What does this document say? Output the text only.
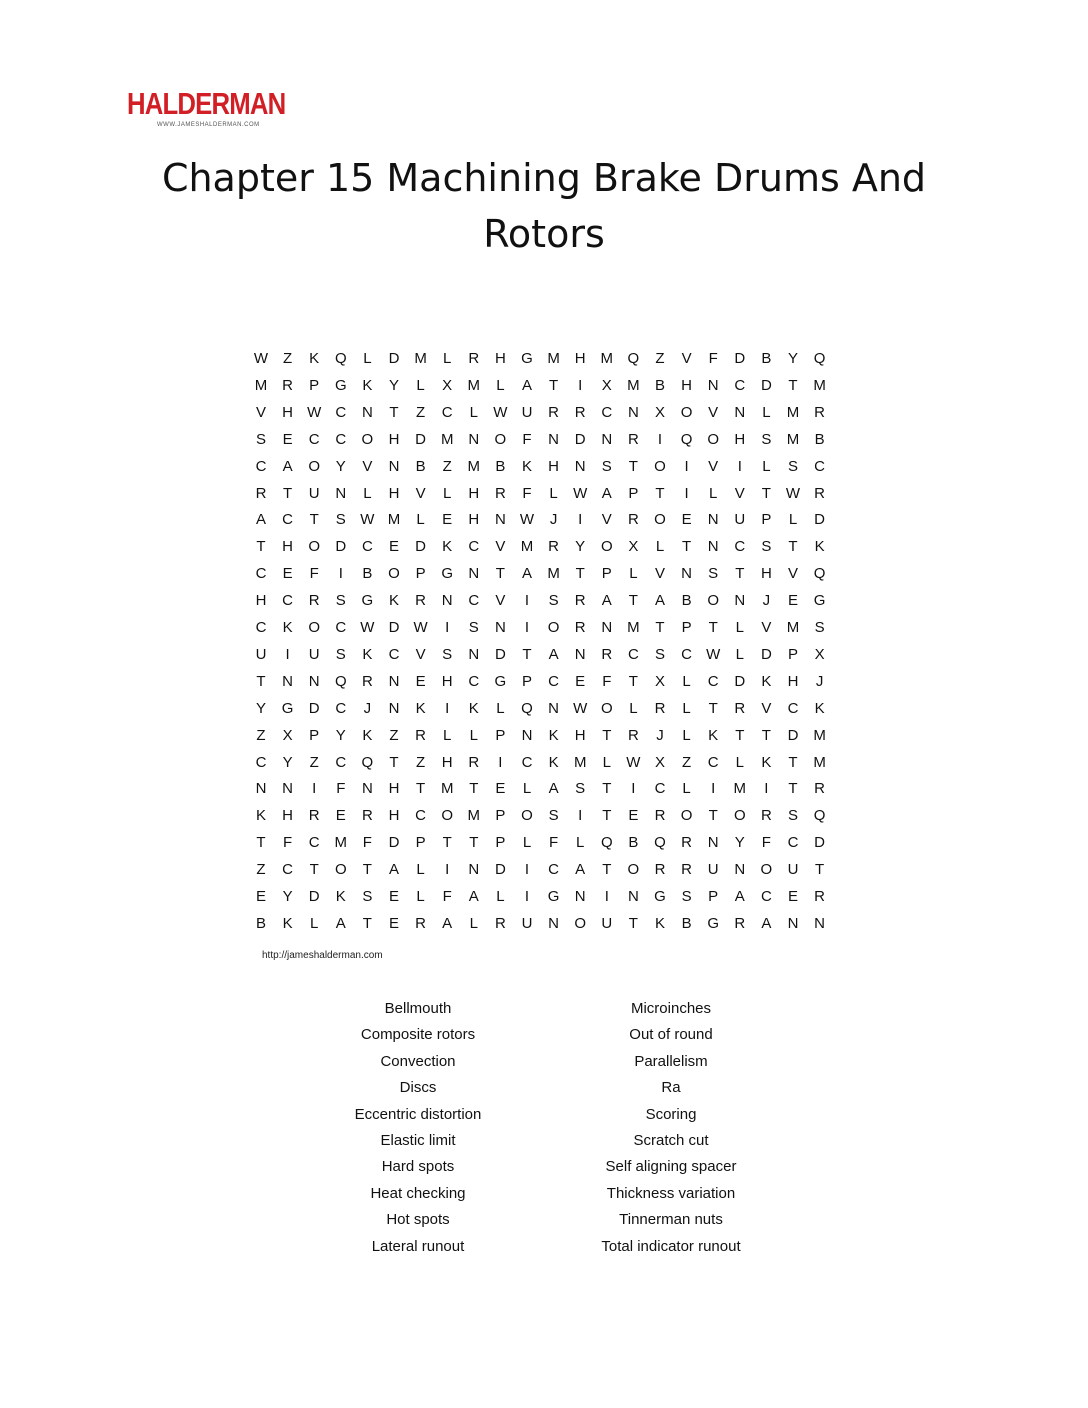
HALDERMAN
WWW.JAMESHALDERMAN.COM
Chapter 15 Machining Brake Drums And Rotors
W Z	K	Q	L	D M	L	R	H	G M H M Q	Z	V	F	D	B	Y	Q
M R	P	G	K	Y	L	X	M	L	A	T	I	X	M	B	H	N	C	D	T	M
V	H W C	N	T	Z	C	L	W U	R	R	C	N	X	O	V	N	L	M R
S	E	C	C	O	H	D M N	O	F	N	D	N	R	I	Q O	H	S	M	B
C	A	O	Y	V	N	B	Z	M	B	K	H	N	S	T	O	I	V	I	L	S	C
R	T	U	N	L	H	V	L	H	R	F	L	W A	P	T	I	L	V	T W R
A	C	T	S W M	L	E	H	N W	J	I	V	R	O	E	N	U	P	L	D
T	H	O	D	C	E	D	K	C	V	M R	Y	O	X	L	T	N	C	S	T	K
C	E	F	I	B	O	P	G	N	T	A	M	T	P	L	V	N	S	T	H	V	Q
H	C	R	S	G	K	R	N	C	V	I	S	R	A	T	A	B	O	N	J	E	G
C	K	O	C W D W	I	S	N	I	O	R	N M	T	P	T	L	V	M	S
U	I	U	S	K	C	V	S	N	D	T	A	N	R	C	S	C W	L	D	P	X
T	N	N	Q	R	N	E	H	C	G	P	C	E	F	T	X	L	C	D	K	H	J
Y	G	D	C	J	N	K	I	K	L	Q	N W O	L	R	L	T	R	V	C	K
Z	X	P	Y	K	Z	R	L	L	P	N	K	H	T	R	J	L	K	T	T	D M
C	Y	Z	C	Q	T	Z	H	R	I	C	K	M	L	W X	Z	C	L	K	T	M
N	N	I	F	N	H	T	M	T	E	L	A	S	T	I	C	L	I	M	I	T	R
K	H	R	E	R	H	C	O M	P	O	S	I	T	E	R	O	T	O	R	S	Q
T	F	C M	F	D	P	T	T	P	L	F	L	Q	B	Q	R	N	Y	F	C	D
Z	C	T	O	T	A	L	I	N	D	I	C	A	T	O	R	R	U	N	O	U	T
E	Y	D	K	S	E	L	F	A	L	I	G	N	I	N	G	S	P	A	C	E	R
B	K	L	A	T	E	R	A	L	R	U	N	O	U	T	K	B	G	R	A	N	N
http://jameshalderman.com
Bellmouth
Composite rotors
Convection
Discs
Eccentric distortion
Elastic limit
Hard spots
Heat checking
Hot spots
Lateral runout
Microinches
Out of round
Parallelism
Ra
Scoring
Scratch cut
Self aligning spacer
Thickness variation
Tinnerman nuts
Total indicator runout
